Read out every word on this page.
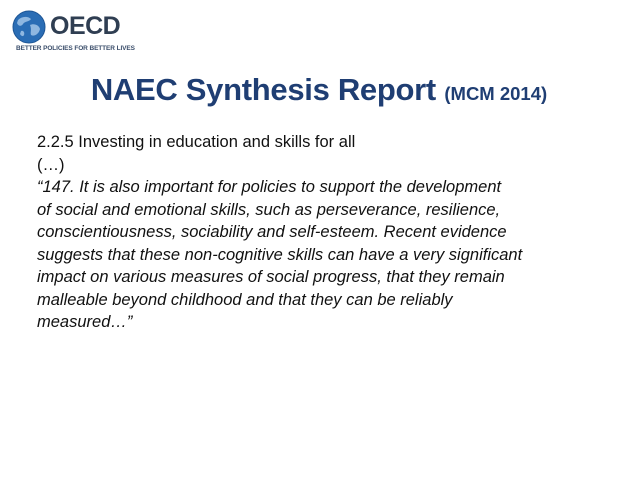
OECD
BETTER POLICIES FOR BETTER LIVES
NAEC Synthesis Report (MCM 2014)
2.2.5 Investing in education and skills for all
(…)
“147. It is also important for policies to support the development
of social and emotional skills, such as perseverance, resilience,
conscientiousness, sociability and self-esteem. Recent evidence
suggests that these non-cognitive skills can have a very significant
impact on various measures of social progress, that they remain
malleable beyond childhood and that they can be reliably
measured…”
